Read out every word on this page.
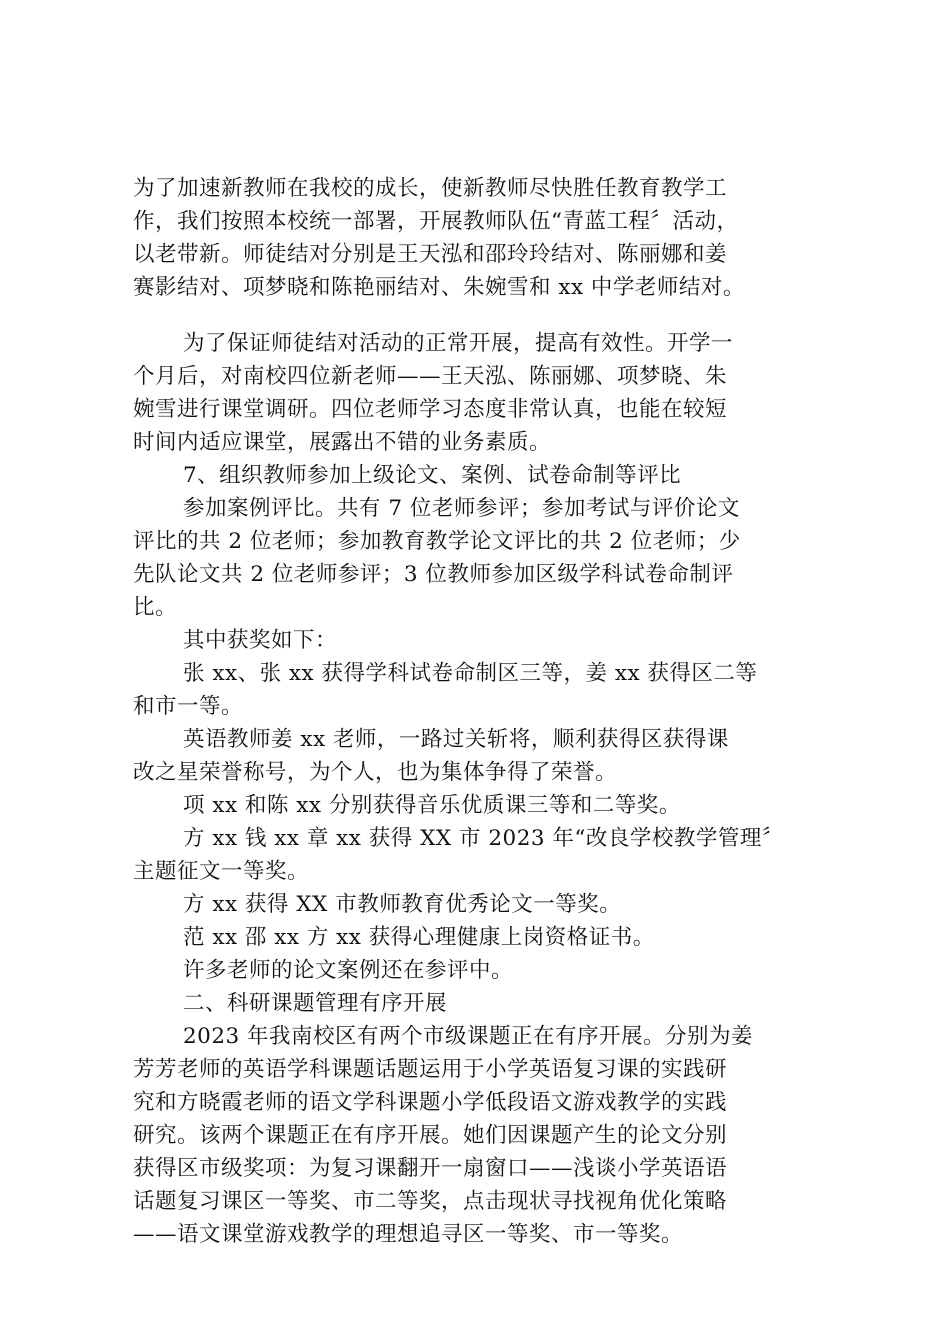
为了加速新教师在我校的成长，使新教师尽快胜任教育教学工
作，我们按照本校统一部署，开展教师队伍“青蓝工程〞活动，
以老带新。师徒结对分别是王天泓和邵玲玲结对、陈丽娜和姜
赛影结对、项梦晓和陈艳丽结对、朱婉雪和 xx 中学老师结对。
为了保证师徒结对活动的正常开展，提高有效性。开学一
个月后，对南校四位新老师——王天泓、陈丽娜、项梦晓、朱
婉雪进行课堂调研。四位老师学习态度非常认真，也能在较短
时间内适应课堂，展露出不错的业务素质。
7、组织教师参加上级论文、案例、试卷命制等评比
参加案例评比。共有 7 位老师参评；参加考试与评价论文
评比的共 2 位老师；参加教育教学论文评比的共 2 位老师；少
先队论文共 2 位老师参评；3 位教师参加区级学科试卷命制评
比。
其中获奖如下：
张 xx、张 xx 获得学科试卷命制区三等，姜 xx 获得区二等
和市一等。
英语教师姜 xx 老师，一路过关斩将，顺利获得区获得课
改之星荣誉称号，为个人，也为集体争得了荣誉。
项 xx 和陈 xx 分别获得音乐优质课三等和二等奖。
方 xx 钱 xx 章 xx 获得 XX 市 2023 年“改良学校教学管理〞
主题征文一等奖。
方 xx 获得 XX 市教师教育优秀论文一等奖。
范 xx 邵 xx 方 xx 获得心理健康上岗资格证书。
许多老师的论文案例还在参评中。
二、科研课题管理有序开展
2023 年我南校区有两个市级课题正在有序开展。分别为姜
芳芳老师的英语学科课题话题运用于小学英语复习课的实践研
究和方晓霞老师的语文学科课题小学低段语文游戏教学的实践
研究。该两个课题正在有序开展。她们因课题产生的论文分别
获得区市级奖项：为复习课翻开一扇窗口——浅谈小学英语语
话题复习课区一等奖、市二等奖，点击现状寻找视角优化策略
——语文课堂游戏教学的理想追寻区一等奖、市一等奖。
